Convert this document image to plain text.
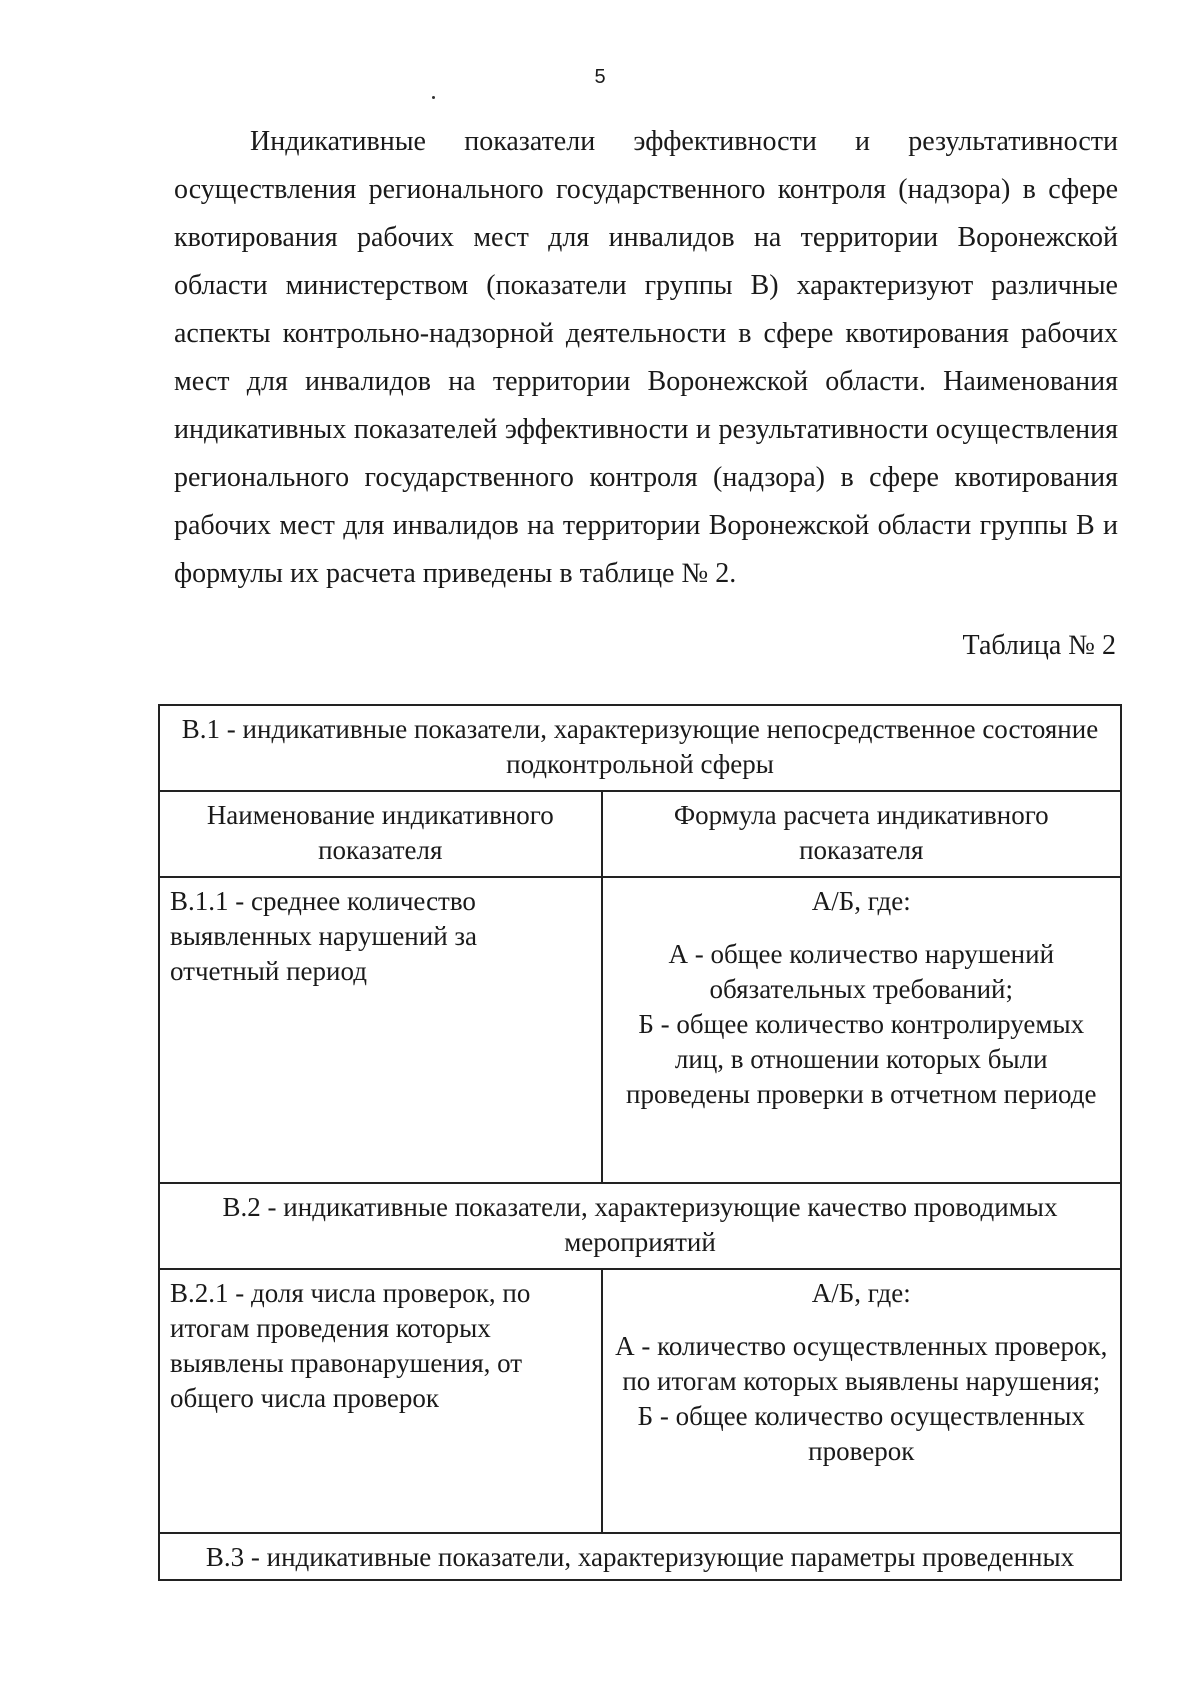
5

Индикативные показатели эффективности и результативности осуществления регионального государственного контроля (надзора) в сфере квотирования рабочих мест для инвалидов на территории Воронежской области министерством (показатели группы В) характеризуют различные аспекты контрольно-надзорной деятельности в сфере квотирования рабочих мест для инвалидов на территории Воронежской области. Наименования индикативных показателей эффективности и результативности осуществления регионального государственного контроля (надзора) в сфере квотирования рабочих мест для инвалидов на территории Воронежской области группы В и формулы их расчета приведены в таблице № 2.

Таблица № 2
В.1 - индикативные показатели, характеризующие непосредственное состояние подконтрольной сферы	
Наименование индикативного показателя	Формула расчета индикативного показателя
В.1.1 - среднее количество выявленных нарушений за отчетный период	А/Б, где:
А - общее количество нарушений обязательных требований;
Б - общее количество контролируемых лиц, в отношении которых были проведены проверки в отчетном периоде

В.2 - индикативные показатели, характеризующие качество проводимых мероприятий	
В.2.1 - доля числа проверок, по итогам проведения которых выявлены правонарушения, от общего числа проверок	А/Б, где:
А - количество осуществленных проверок, по итогам которых выявлены нарушения;
Б - общее количество осуществленных проверок

В.3 - индикативные показатели, характеризующие параметры проведенных	
